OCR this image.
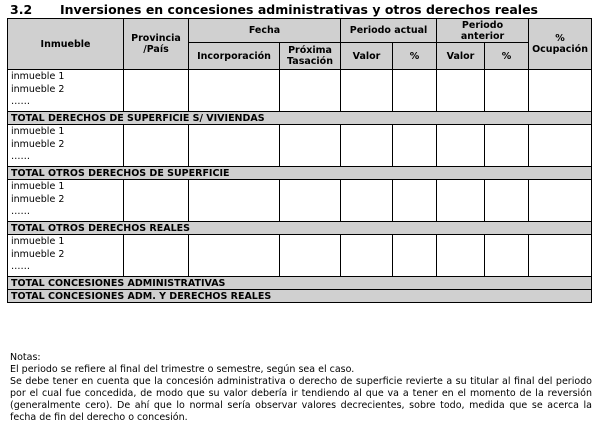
3.2 Inversiones en concesiones administrativas y otros derechos reales
Inmueble	Provincia /País	Fecha		Periodo actual		Periodo anterior		% Ocupación
		Incorporación	Próxima Tasación	Valor	%	Valor	%	

inmueble 1
inmueble 2
……								

TOTAL DERECHOS DE SUPERFICIE S/ VIVIENDAS								

inmueble 1
inmueble 2
……								

TOTAL OTROS DERECHOS DE SUPERFICIE								

inmueble 1
inmueble 2
……								

TOTAL OTROS DERECHOS REALES								

inmueble 1
inmueble 2
……								

TOTAL CONCESIONES ADMINISTRATIVAS								
TOTAL CONCESIONES ADM. Y DERECHOS REALES								
Notas:
El periodo se refiere al final del trimestre o semestre, según sea el caso.
Se debe tener en cuenta que la concesión administrativa o derecho de superficie revierte a su titular al final del periodo por el cual fue concedida, de modo que su valor debería ir tendiendo al que va a tener en el momento de la reversión (generalmente cero). De ahí que lo normal sería observar valores decrecientes, sobre todo, medida que se acerca la fecha de fin del derecho o concesión.
